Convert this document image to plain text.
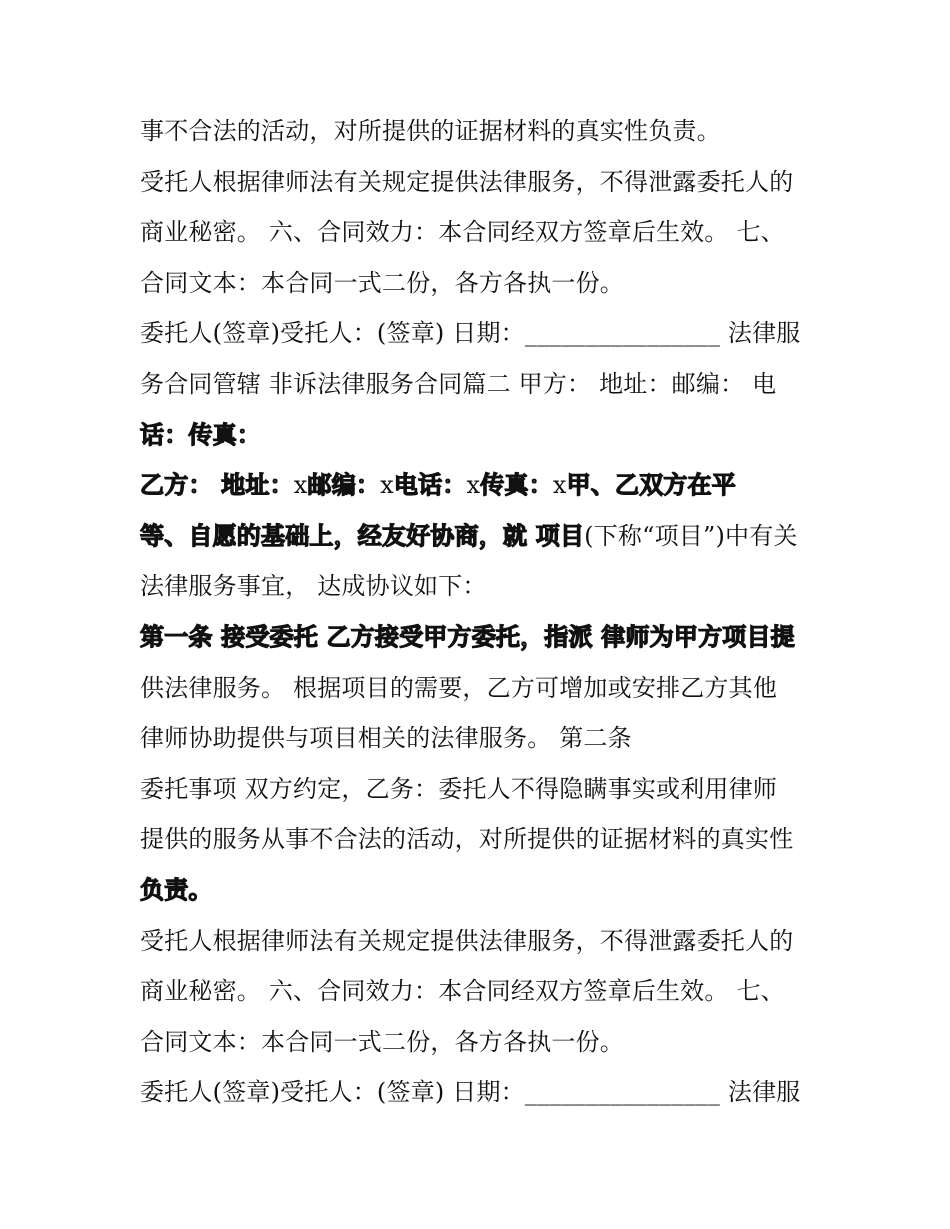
事不合法的活动，对所提供的证据材料的真实性负责。
受托人根据律师法有关规定提供法律服务，不得泄露委托人的
商业秘密。 六、合同效力：本合同经双方签章后生效。 七、
合同文本：本合同一式二份，各方各执一份。
委托人(签章)受托人：(签章) 日期：________________ 法律服
务合同管辖 非诉法律服务合同篇二 甲方： 地址：邮编： 电
话：传真：
乙方： 地址：x邮编：x电话：x传真：x甲、乙双方在平
等、自愿的基础上，经友好协商，就 项目(下称“项目”)中有关
法律服务事宜， 达成协议如下：
第一条 接受委托 乙方接受甲方委托，指派 律师为甲方项目提
供法律服务。 根据项目的需要，乙方可增加或安排乙方其他
律师协助提供与项目相关的法律服务。 第二条
委托事项 双方约定，乙务：委托人不得隐瞒事实或利用律师
提供的服务从事不合法的活动，对所提供的证据材料的真实性
负责。
受托人根据律师法有关规定提供法律服务，不得泄露委托人的
商业秘密。 六、合同效力：本合同经双方签章后生效。 七、
合同文本：本合同一式二份，各方各执一份。
委托人(签章)受托人：(签章) 日期：________________ 法律服
